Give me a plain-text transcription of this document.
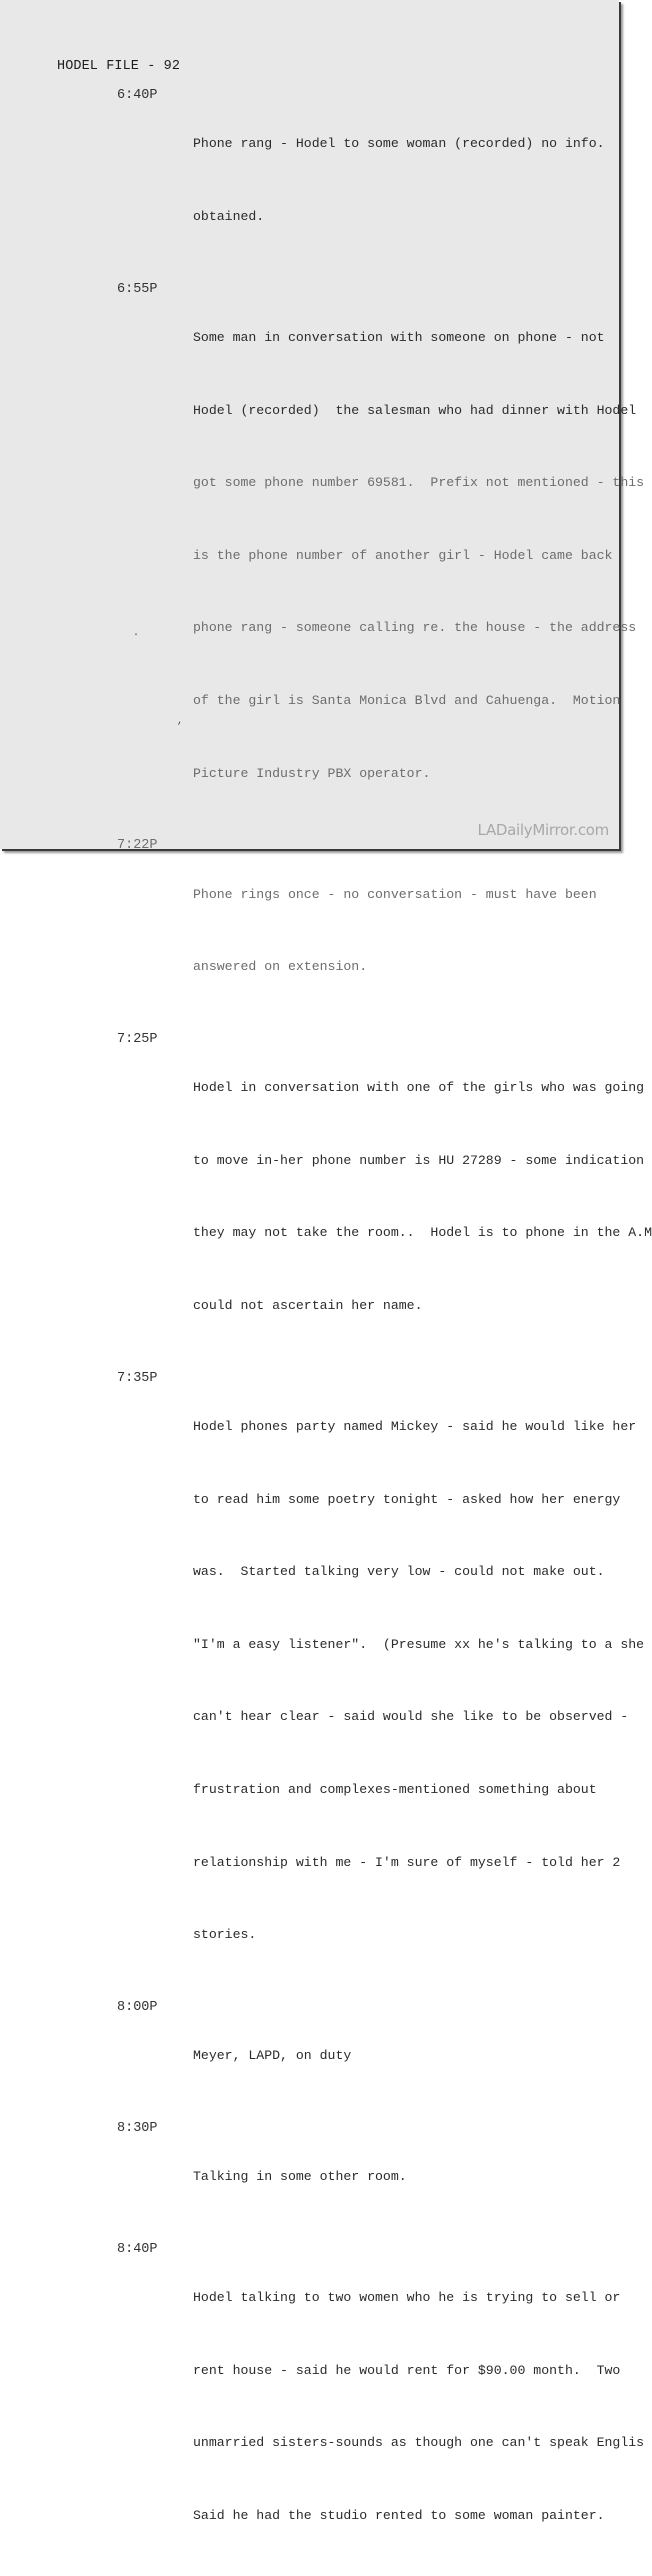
HODEL FILE - 92
6:40P

Phone rang - Hodel to some woman (recorded) no info.

obtained.

6:55P

Some man in conversation with someone on phone - not

Hodel (recorded)  the salesman who had dinner with Hodel

got some phone number 69581.  Prefix not mentioned - this

is the phone number of another girl - Hodel came back

phone rang - someone calling re. the house - the address

of the girl is Santa Monica Blvd and Cahuenga.  Motion

Picture Industry PBX operator.

7:22P

Phone rings once - no conversation - must have been

answered on extension.

7:25P

Hodel in conversation with one of the girls who was going

to move in-her phone number is HU 27289 - some indication

they may not take the room..  Hodel is to phone in the A.M

could not ascertain her name.

7:35P

Hodel phones party named Mickey - said he would like her

to read him some poetry tonight - asked how her energy

was.  Started talking very low - could not make out.

"I'm a easy listener".  (Presume xx he's talking to a she

can't hear clear - said would she like to be observed -

frustration and complexes-mentioned something about

relationship with me - I'm sure of myself - told her 2

stories.

8:00P

Meyer, LAPD, on duty

8:30P

Talking in some other room.

8:40P

Hodel talking to two women who he is trying to sell or

rent house - said he would rent for $90.00 month.  Two

unmarried sisters-sounds as though one can't speak Englis

Said he had the studio rented to some woman painter.

.
,
LADailyMirror.com
